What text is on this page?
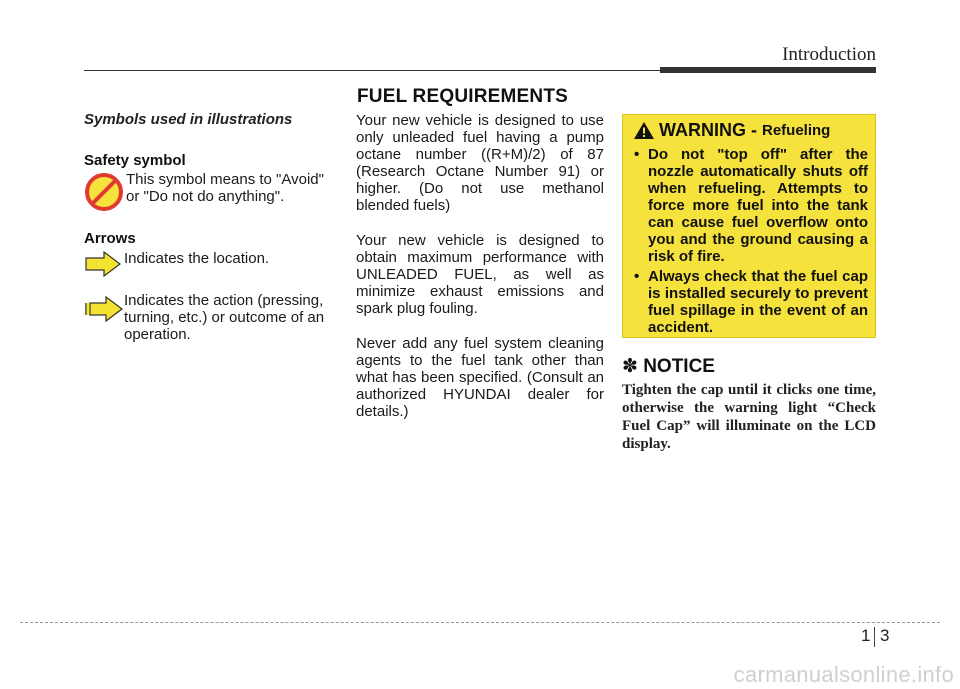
Introduction
FUEL REQUIREMENTS
Symbols used in illustrations
Safety symbol
This symbol means to "Avoid"
or "Do not do anything".
Arrows
Indicates the location.
Indicates the action (pressing,
turning, etc.) or outcome of an
operation.
Your new vehicle is designed to use only unleaded fuel having a pump octane number ((R+M)/2) of 87 (Research Octane Number 91) or higher. (Do not use methanol blended fuels)
Your new vehicle is designed to obtain maximum performance with UNLEADED FUEL, as well as minimize exhaust emissions and spark plug fouling.
Never add any fuel system cleaning agents to the fuel tank other than what has been specified. (Consult an authorized HYUNDAI dealer for details.)
WARNING - Refueling
• Do not "top off" after the nozzle automatically shuts off when refueling. Attempts to force more fuel into the tank can cause fuel overflow onto you and the ground causing a risk of fire.
• Always check that the fuel cap is installed securely to prevent fuel spillage in the event of an accident.
✽ NOTICE
Tighten the cap until it clicks one time, otherwise the warning light “Check Fuel Cap” will illuminate on the LCD display.
1 3
carmanualsonline.info
